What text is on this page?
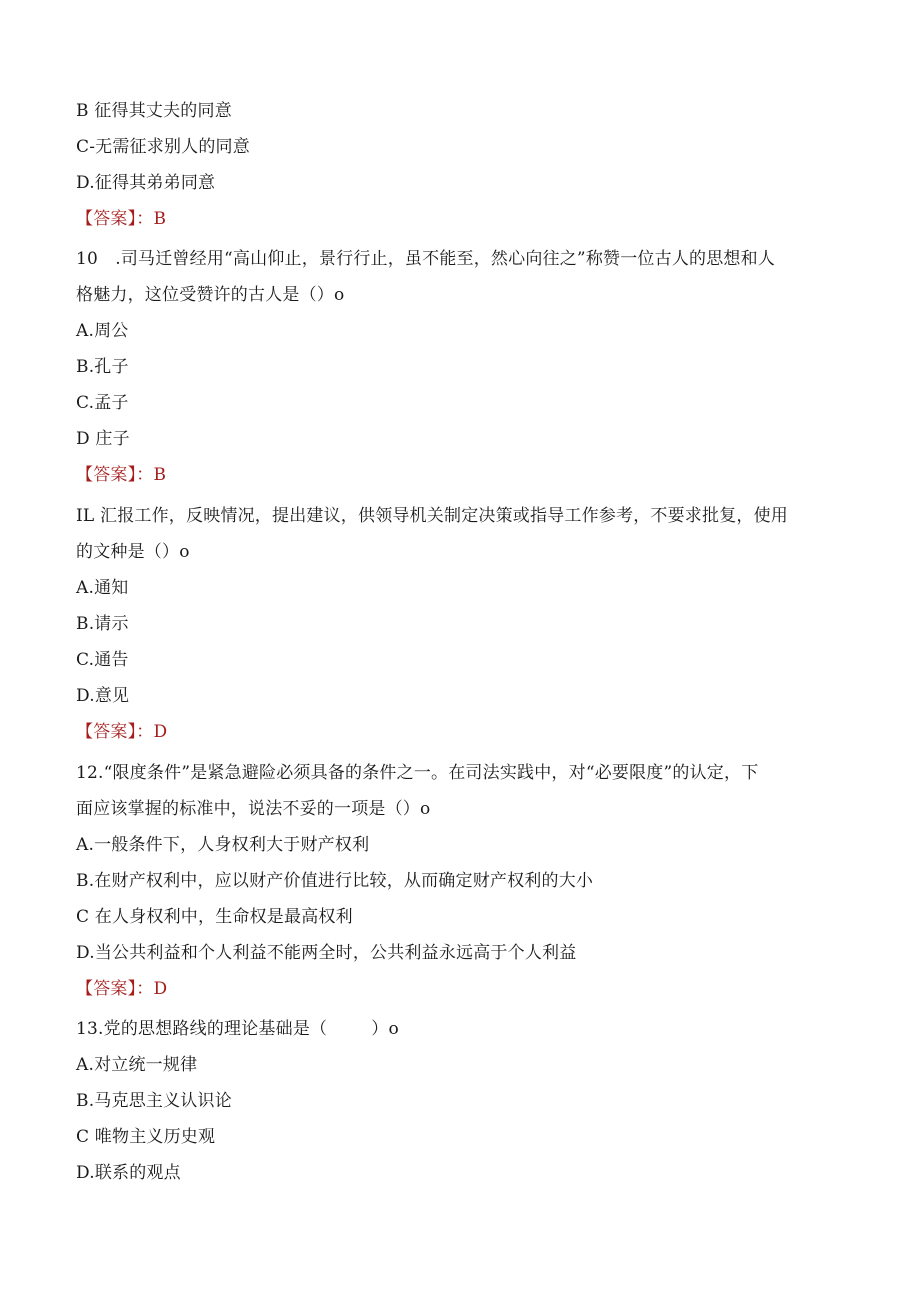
B 征得其丈夫的同意
C-无需征求别人的同意
D.征得其弟弟同意
【答案】：B
10　.司马迁曾经用“高山仰止，景行行止，虽不能至，然心向往之”称赞一位古人的思想和人
格魅力，这位受赞许的古人是（）o
A.周公
B.孔子
C.孟子
D 庄子
【答案】：B
IL 汇报工作，反映情况，提出建议，供领导机关制定决策或指导工作参考，不要求批复，使用
的文种是（）o
A.通知
B.请示
C.通告
D.意见
【答案】：D
12.“限度条件”是紧急避险必须具备的条件之一。在司法实践中，对“必要限度”的认定，下
面应该掌握的标准中，说法不妥的一项是（）o
A.一般条件下，人身权利大于财产权利
B.在财产权利中，应以财产价值进行比较，从而确定财产权利的大小
C 在人身权利中，生命权是最高权利
D.当公共利益和个人利益不能两全时，公共利益永远高于个人利益
【答案】：D
13.党的思想路线的理论基础是（	）o
A.对立统一规律
B.马克思主义认识论
C 唯物主义历史观
D.联系的观点
